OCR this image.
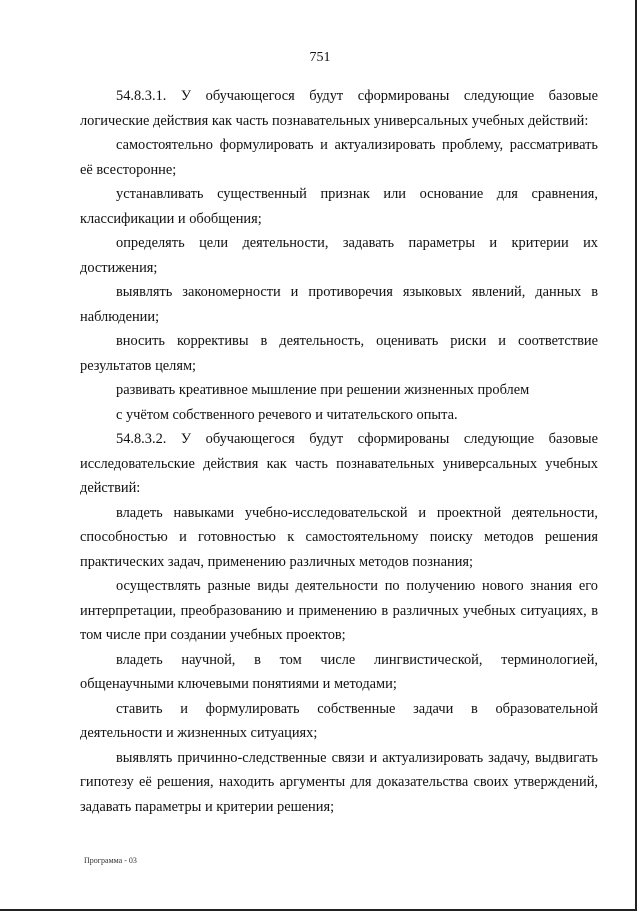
751

54.8.3.1. У обучающегося будут сформированы следующие базовые логические действия как часть познавательных универсальных учебных действий:

самостоятельно формулировать и актуализировать проблему, рассматривать её всесторонне;

устанавливать существенный признак или основание для сравнения, классификации и обобщения;

определять цели деятельности, задавать параметры и критерии их достижения;

выявлять закономерности и противоречия языковых явлений, данных в наблюдении;

вносить коррективы в деятельность, оценивать риски и соответствие результатов целям;

развивать креативное мышление при решении жизненных проблем

с учётом собственного речевого и читательского опыта.

54.8.3.2. У обучающегося будут сформированы следующие базовые исследовательские действия как часть познавательных универсальных учебных действий:

владеть навыками учебно-исследовательской и проектной деятельности, способностью и готовностью к самостоятельному поиску методов решения практических задач, применению различных методов познания;

осуществлять разные виды деятельности по получению нового знания его интерпретации, преобразованию и применению в различных учебных ситуациях, в том числе при создании учебных проектов;

владеть научной, в том числе лингвистической, терминологией, общенаучными ключевыми понятиями и методами;

ставить и формулировать собственные задачи в образовательной деятельности и жизненных ситуациях;

выявлять причинно-следственные связи и актуализировать задачу, выдвигать гипотезу её решения, находить аргументы для доказательства своих утверждений, задавать параметры и критерии решения;

Программа - 03
